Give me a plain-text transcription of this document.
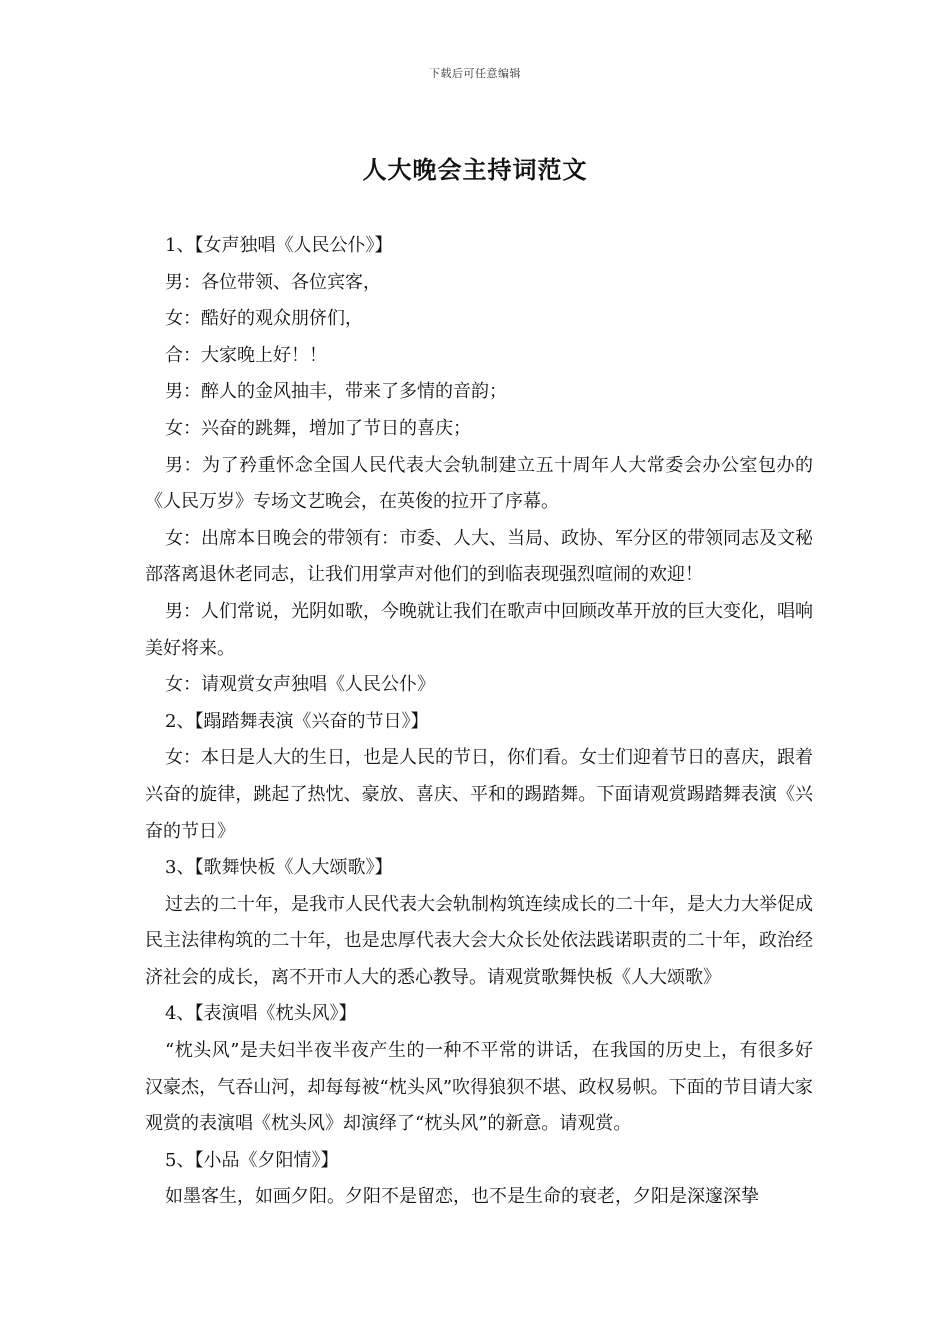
下载后可任意编辑
人大晚会主持词范文

1、【女声独唱《人民公仆》】

男：各位带领、各位宾客，

女：酷好的观众朋侪们，

合：大家晚上好！！

男：醉人的金风抽丰，带来了多情的音韵；

女：兴奋的跳舞，增加了节日的喜庆；

男：为了矜重怀念全国人民代表大会轨制建立五十周年人大常委会办公室包办的《人民万岁》专场文艺晚会，在英俊的拉开了序幕。

女：出席本日晚会的带领有：市委、人大、当局、政协、军分区的带领同志及文秘部落离退休老同志，让我们用掌声对他们的到临表现强烈喧闹的欢迎！

男：人们常说，光阴如歌，今晚就让我们在歌声中回顾改革开放的巨大变化，唱响美好将来。

女：请观赏女声独唱《人民公仆》

2、【蹋踏舞表演《兴奋的节日》】

女：本日是人大的生日，也是人民的节日，你们看。女士们迎着节日的喜庆，跟着兴奋的旋律，跳起了热忱、豪放、喜庆、平和的踢踏舞。下面请观赏踢踏舞表演《兴奋的节日》

3、【歌舞快板《人大颂歌》】

过去的二十年，是我市人民代表大会轨制构筑连续成长的二十年，是大力大举促成民主法律构筑的二十年，也是忠厚代表大会大众长处依法践诺职责的二十年，政治经济社会的成长，离不开市人大的悉心教导。请观赏歌舞快板《人大颂歌》

4、【表演唱《枕头风》】

“枕头风”是夫妇半夜半夜产生的一种不平常的讲话，在我国的历史上，有很多好汉豪杰，气吞山河，却每每被“枕头风”吹得狼狈不堪、政权易帜。下面的节目请大家观赏的表演唱《枕头风》却演绎了“枕头风”的新意。请观赏。

5、【小品《夕阳情》】

如墨客生，如画夕阳。夕阳不是留恋，也不是生命的衰老，夕阳是深邃深挚
